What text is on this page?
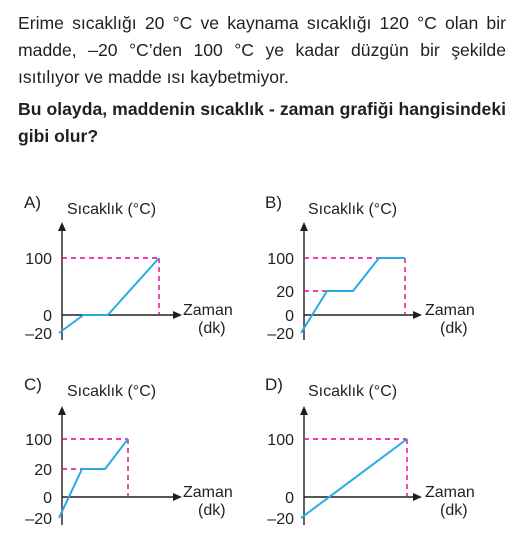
Erime sıcaklığı 20 °C ve kaynama sıcaklığı 120 °C olan bir madde, –20 °C’den 100 °C ye kadar düzgün bir şekilde ısıtılıyor ve madde ısı kaybetmiyor.

Bu olayda, maddenin sıcaklık - zaman grafiği hangisindeki gibi olur?

A) Sıcaklık (°C)
Zaman
(dk)
100
0
–20
B) Sıcaklık (°C)
Zaman
(dk)
100
20
0
–20
C) Sıcaklık (°C)
Zaman
(dk)
100
20
0
–20
D) Sıcaklık (°C)
Zaman
(dk)
100
0
–20
